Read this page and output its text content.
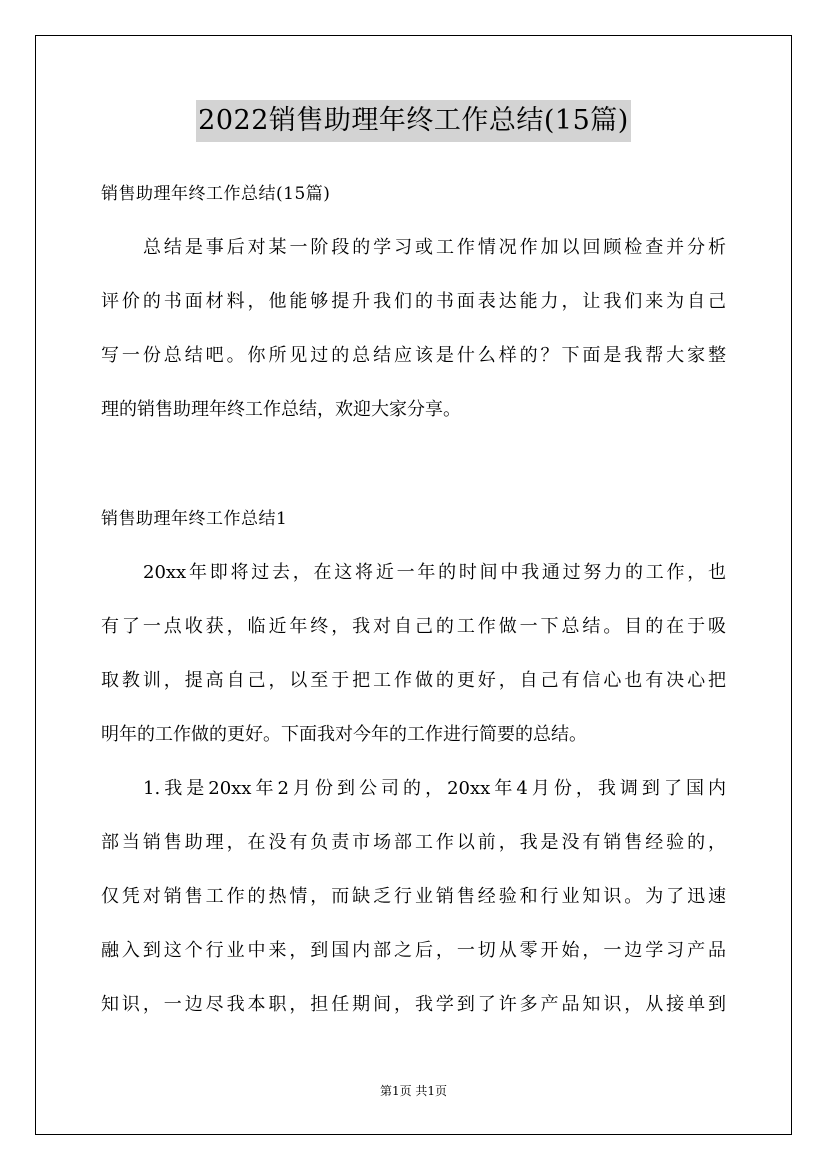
2022销售助理年终工作总结(15篇)
销售助理年终工作总结(15篇)
总结是事后对某一阶段的学习或工作情况作加以回顾检查并分析
评价的书面材料，他能够提升我们的书面表达能力，让我们来为自己
写一份总结吧。你所见过的总结应该是什么样的？下面是我帮大家整
理的销售助理年终工作总结，欢迎大家分享。
销售助理年终工作总结1
20xx年即将过去，在这将近一年的时间中我通过努力的工作，也
有了一点收获，临近年终，我对自己的工作做一下总结。目的在于吸
取教训，提高自己，以至于把工作做的更好，自己有信心也有决心把
明年的工作做的更好。下面我对今年的工作进行简要的总结。
1.我是20xx年2月份到公司的，20xx年4月份，我调到了国内
部当销售助理，在没有负责市场部工作以前，我是没有销售经验的，
仅凭对销售工作的热情，而缺乏行业销售经验和行业知识。为了迅速
融入到这个行业中来，到国内部之后，一切从零开始，一边学习产品
知识，一边尽我本职，担任期间，我学到了许多产品知识，从接单到
第1页 共1页
